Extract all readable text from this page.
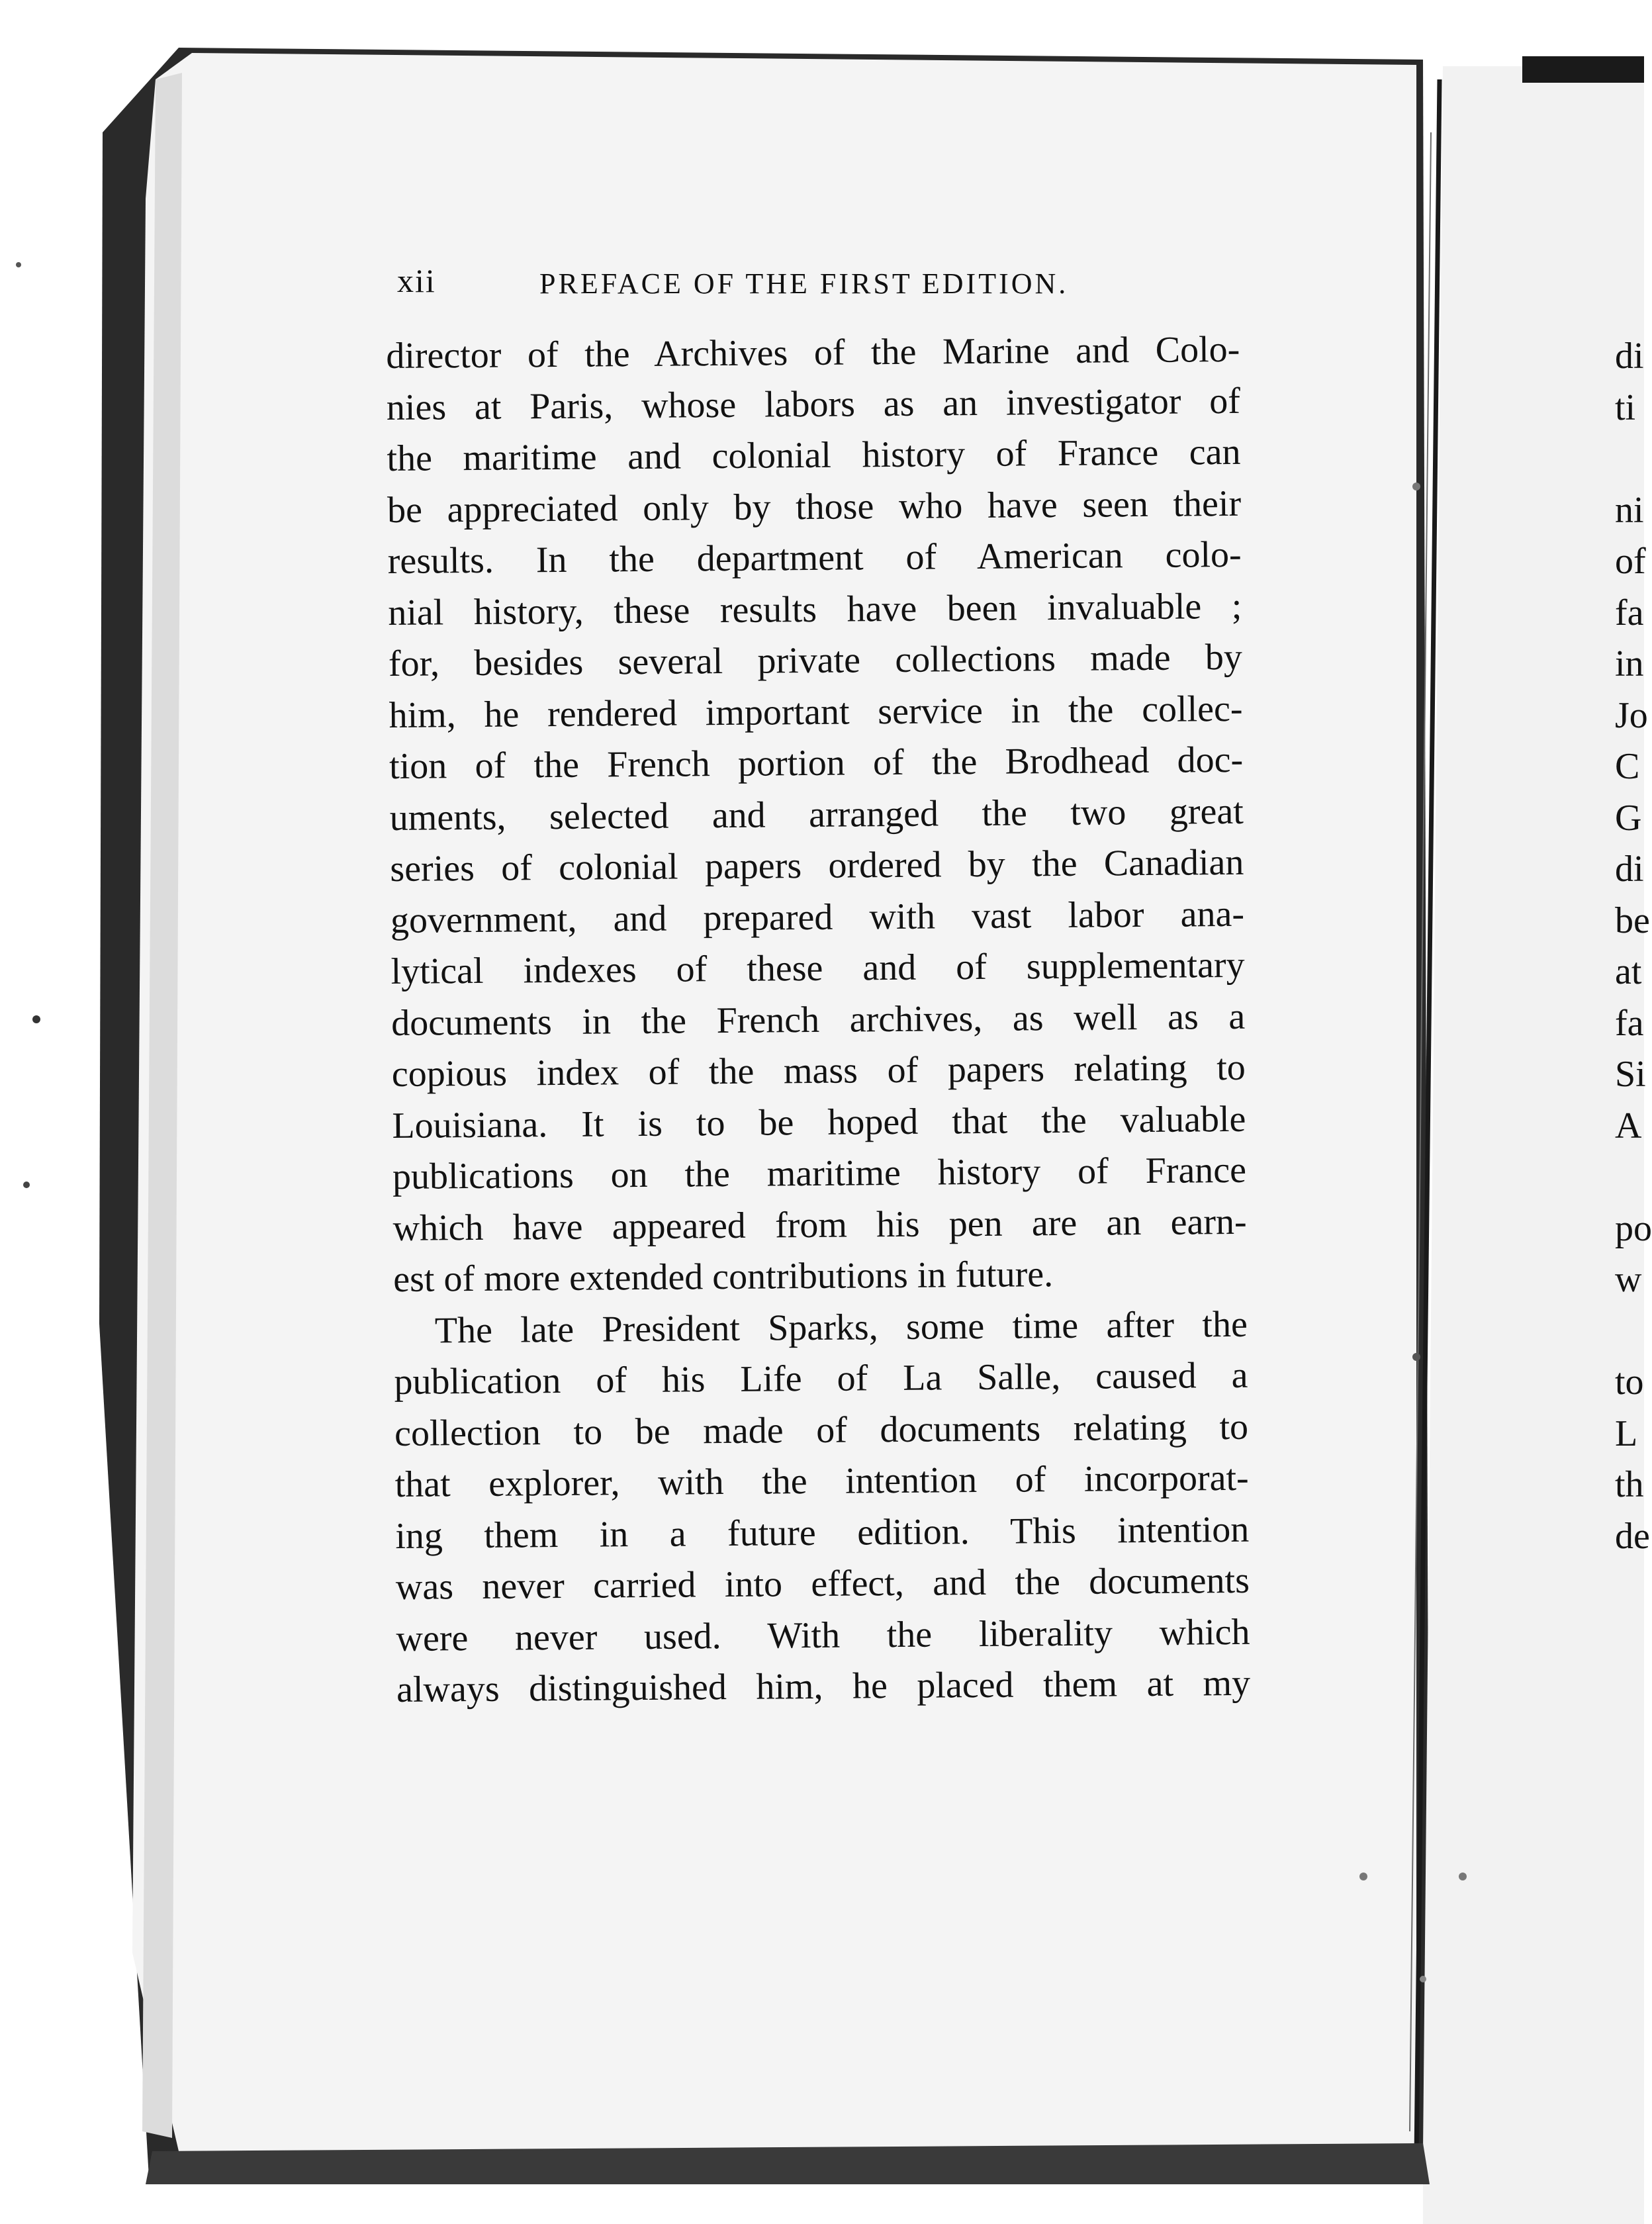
xii	PREFACE OF THE FIRST EDITION.
director of the Archives of the Marine and Colo-
nies at Paris, whose labors as an investigator of
the maritime and colonial history of France can
be appreciated only by those who have seen their
results. In the department of American colo-
nial history, these results have been invaluable ;
for, besides several private collections made by
him, he rendered important service in the collec-
tion of the French portion of the Brodhead doc-
uments, selected and arranged the two great
series of colonial papers ordered by the Canadian
government, and prepared with vast labor ana-
lytical indexes of these and of supplementary
documents in the French archives, as well as a
copious index of the mass of papers relating to
Louisiana. It is to be hoped that the valuable
publications on the maritime history of France
which have appeared from his pen are an earn-
est of more extended contributions in future.
The late President Sparks, some time after the
publication of his Life of La Salle, caused a
collection to be made of documents relating to
that explorer, with the intention of incorporat-
ing them in a future edition. This intention
was never carried into effect, and the documents
were never used. With the liberality which
always distinguished him, he placed them at my
di
ti
ni
of
fa
in
Jo
C
G
di
be
at
fa
Si
A
po
w
to
L
th
de
